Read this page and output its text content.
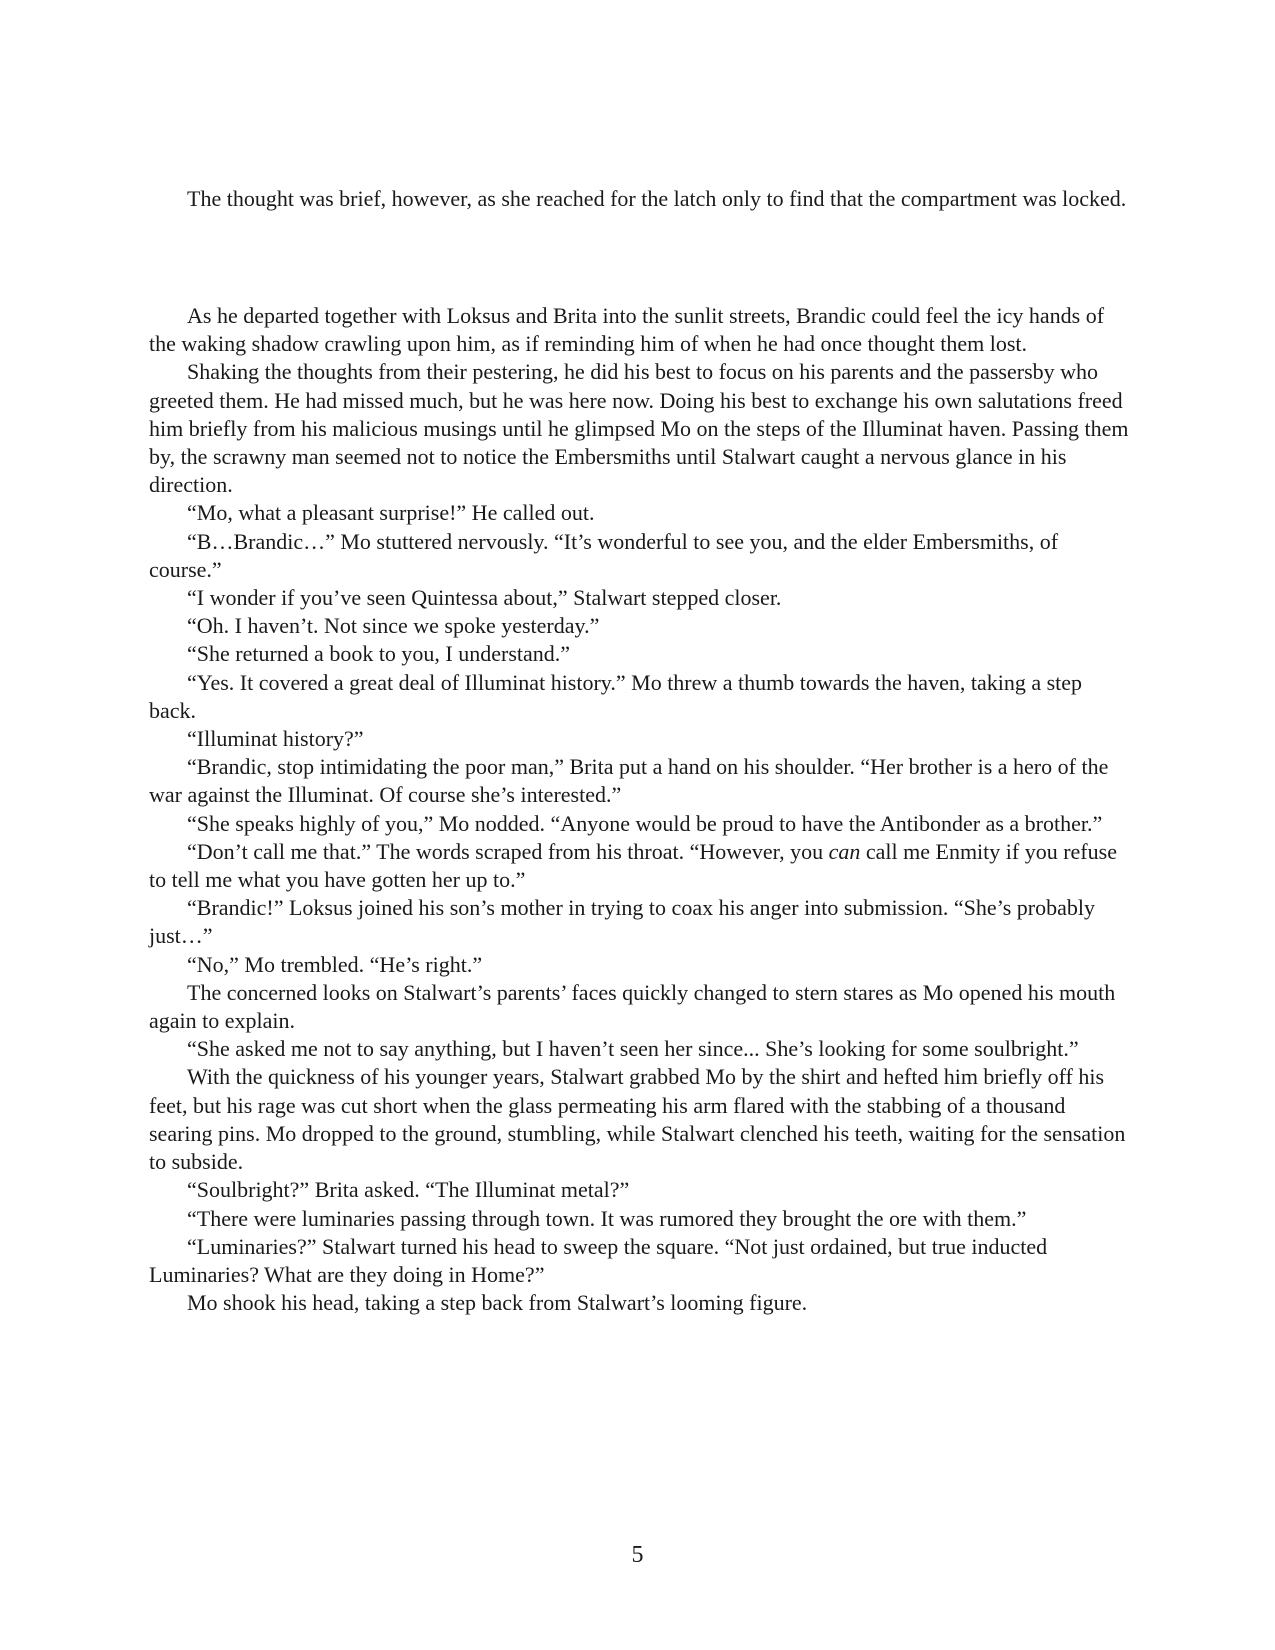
The thought was brief, however, as she reached for the latch only to find that the compartment was locked.

As he departed together with Loksus and Brita into the sunlit streets, Brandic could feel the icy hands of the waking shadow crawling upon him, as if reminding him of when he had once thought them lost.

Shaking the thoughts from their pestering, he did his best to focus on his parents and the passersby who greeted them. He had missed much, but he was here now. Doing his best to exchange his own salutations freed him briefly from his malicious musings until he glimpsed Mo on the steps of the Illuminat haven. Passing them by, the scrawny man seemed not to notice the Embersmiths until Stalwart caught a nervous glance in his direction.

“Mo, what a pleasant surprise!” He called out.

“B…Brandic…” Mo stuttered nervously. “It’s wonderful to see you, and the elder Embersmiths, of course.”

“I wonder if you’ve seen Quintessa about,” Stalwart stepped closer.

“Oh. I haven’t. Not since we spoke yesterday.”

“She returned a book to you, I understand.”

“Yes. It covered a great deal of Illuminat history.” Mo threw a thumb towards the haven, taking a step back.

“Illuminat history?”

“Brandic, stop intimidating the poor man,” Brita put a hand on his shoulder. “Her brother is a hero of the war against the Illuminat. Of course she’s interested.”

“She speaks highly of you,” Mo nodded. “Anyone would be proud to have the Antibonder as a brother.”

“Don’t call me that.” The words scraped from his throat. “However, you can call me Enmity if you refuse to tell me what you have gotten her up to.”

“Brandic!” Loksus joined his son’s mother in trying to coax his anger into submission. “She’s probably just…”

“No,” Mo trembled. “He’s right.”

The concerned looks on Stalwart’s parents’ faces quickly changed to stern stares as Mo opened his mouth again to explain.

“She asked me not to say anything, but I haven’t seen her since... She’s looking for some soulbright.”

With the quickness of his younger years, Stalwart grabbed Mo by the shirt and hefted him briefly off his feet, but his rage was cut short when the glass permeating his arm flared with the stabbing of a thousand searing pins. Mo dropped to the ground, stumbling, while Stalwart clenched his teeth, waiting for the sensation to subside.

“Soulbright?” Brita asked. “The Illuminat metal?”

“There were luminaries passing through town. It was rumored they brought the ore with them.”

“Luminaries?” Stalwart turned his head to sweep the square. “Not just ordained, but true inducted Luminaries? What are they doing in Home?”

Mo shook his head, taking a step back from Stalwart’s looming figure.

5
